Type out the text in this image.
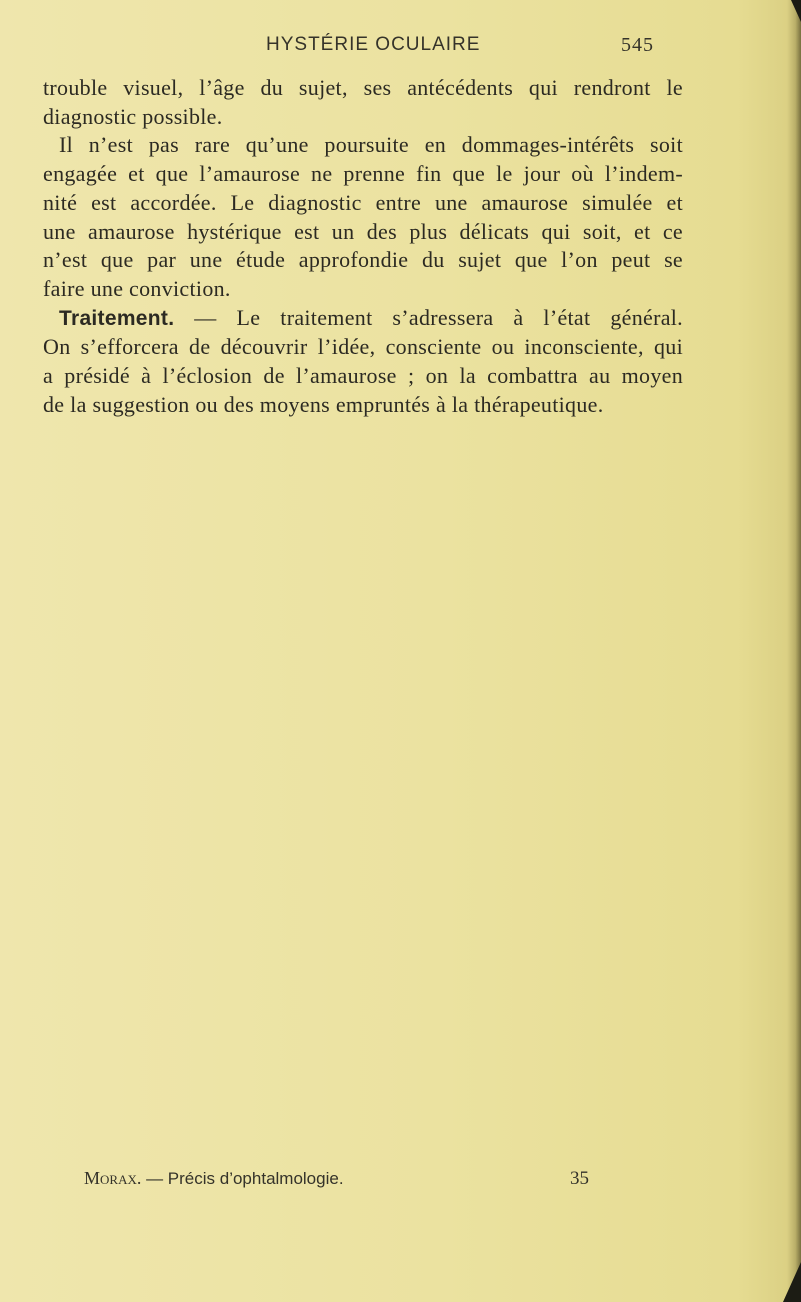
HYSTÉRIE OCULAIRE	545

trouble visuel, l’âge du sujet, ses antécédents qui rendront le
diagnostic possible.

Il n’est pas rare qu’une poursuite en dommages-intérêts soit
engagée et que l’amaurose ne prenne fin que le jour où l’indem-
nité est accordée. Le diagnostic entre une amaurose simulée et
une amaurose hystérique est un des plus délicats qui soit, et ce
n’est que par une étude approfondie du sujet que l’on peut se
faire une conviction.

Traitement. — Le traitement s’adressera à l’état général.
On s’efforcera de découvrir l’idée, consciente ou inconsciente, qui
a présidé à l’éclosion de l’amaurose ; on la combattra au moyen
de la suggestion ou des moyens empruntés à la thérapeutique.

Morax. — Précis d’ophtalmologie.	35
